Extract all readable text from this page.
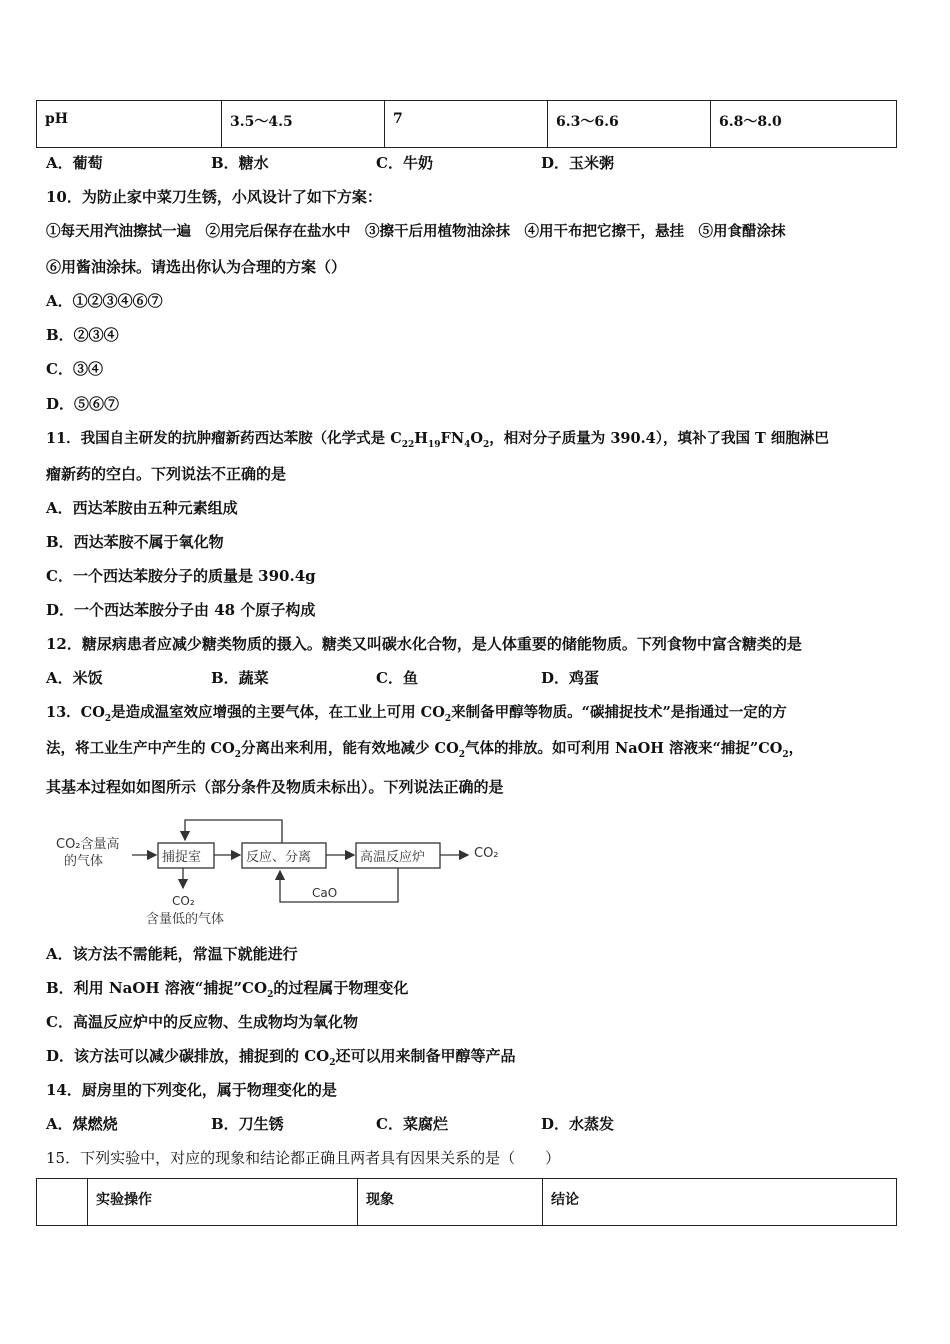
pH	3.5～4.5	7	6.3～6.6	6.8～8.0
A．葡萄	B．糖水	C．牛奶	D．玉米粥
10．为防止家中菜刀生锈，小风设计了如下方案：
①每天用汽油擦拭一遍　②用完后保存在盐水中　③擦干后用植物油涂抹　④用干布把它擦干，悬挂　⑤用食醋涂抹
⑥用酱油涂抹。请选出你认为合理的方案（）
A．①②③④⑥⑦
B．②③④
C．③④
D．⑤⑥⑦
11．我国自主研发的抗肿瘤新药西达苯胺（化学式是 $C_{22}H_{19}FN_4O_2$，相对分子质量为 390.4），填补了我国 T 细胞淋巴
瘤新药的空白。下列说法不正确的是
A．西达苯胺由五种元素组成
B．西达苯胺不属于氧化物
C．一个西达苯胺分子的质量是 390.4g
D．一个西达苯胺分子由 48 个原子构成
12．糖尿病患者应减少糖类物质的摄入。糖类又叫碳水化合物，是人体重要的储能物质。下列食物中富含糖类的是
A．米饭	B．蔬菜	C．鱼	D．鸡蛋
13．$CO_2$是造成温室效应增强的主要气体，在工业上可用 $CO_2$来制备甲醇等物质。“碳捕捉技术”是指通过一定的方
法，将工业生产中产生的 $CO_2$分离出来利用，能有效地减少 $CO_2$气体的排放。如可利用 NaOH 溶液来“捕捉$”CO_2$，
其基本过程如如图所示（部分条件及物质未标出）。下列说法正确的是
CO₂含量高
的气体	捕捉室	反应、分离	高温反应炉	CO₂
CaO
CO₂
含量低的气体
A．该方法不需能耗，常温下就能进行
B．利用 NaOH 溶液“捕捉$”CO_2$的过程属于物理变化
C．高温反应炉中的反应物、生成物均为氧化物
D．该方法可以减少碳排放，捕捉到的 $CO_2$还可以用来制备甲醇等产品
14．厨房里的下列变化，属于物理变化的是
A．煤燃烧	B．刀生锈	C．菜腐烂	D．水蒸发
15．下列实验中，对应的现象和结论都正确且两者具有因果关系的是（　　）
	实验操作	现象	结论
